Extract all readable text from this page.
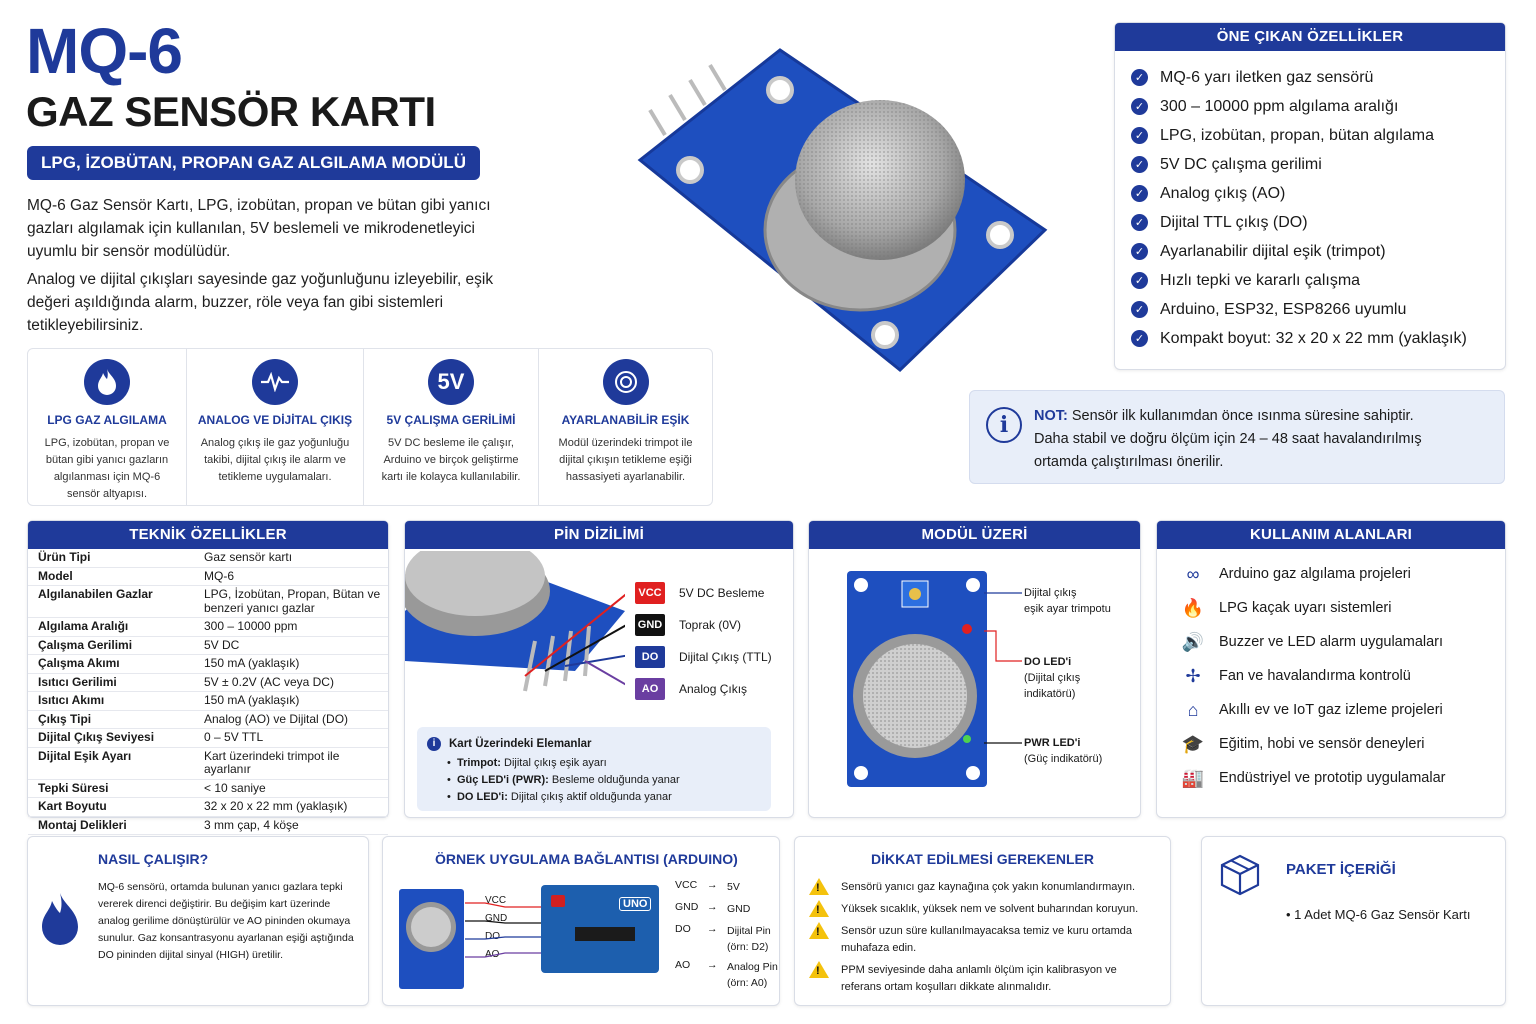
MQ-6
GAZ SENSÖR KARTI
LPG, İZOBÜTAN, PROPAN GAZ ALGILAMA MODÜLÜ
MQ-6 Gaz Sensör Kartı, LPG, izobütan, propan ve bütan gibi yanıcı gazları algılamak için kullanılan, 5V beslemeli ve mikrodenetleyici uyumlu bir sensör modülüdür.
Analog ve dijital çıkışları sayesinde gaz yoğunluğunu izleyebilir, eşik değeri aşıldığında alarm, buzzer, röle veya fan gibi sistemleri tetikleyebilirsiniz.
LPG GAZ ALGILAMA
LPG, izobütan, propan ve bütan gibi yanıcı gazların algılanması için MQ-6 sensör altyapısı.
ANALOG VE DİJİTAL ÇIKIŞ
Analog çıkış ile gaz yoğunluğu takibi, dijital çıkış ile alarm ve tetikleme uygulamaları.
5V
5V ÇALIŞMA GERİLİMİ
5V DC besleme ile çalışır, Arduino ve birçok geliştirme kartı ile kolayca kullanılabilir.
AYARLANABİLİR EŞİK
Modül üzerindeki trimpot ile dijital çıkışın tetikleme eşiği hassasiyeti ayarlanabilir.
ÖNE ÇIKAN ÖZELLİKLER
✓ MQ-6 yarı iletken gaz sensörü
✓ 300 – 10000 ppm algılama aralığı
✓ LPG, izobütan, propan, bütan algılama
✓ 5V DC çalışma gerilimi
✓ Analog çıkış (AO)
✓ Dijital TTL çıkış (DO)
✓ Ayarlanabilir dijital eşik (trimpot)
✓ Hızlı tepki ve kararlı çalışma
✓ Arduino, ESP32, ESP8266 uyumlu
✓ Kompakt boyut: 32 x 20 x 22 mm (yaklaşık)
i	NOT: Sensör ilk kullanımdan önce ısınma süresine sahiptir.
Daha stabil ve doğru ölçüm için 24 – 48 saat havalandırılmış
ortamda çalıştırılması önerilir.
TEKNİK ÖZELLİKLER
Ürün Tipi	Gaz sensör kartı
Model	MQ-6
Algılanabilen Gazlar	LPG, İzobütan, Propan, Bütan ve benzeri yanıcı gazlar
Algılama Aralığı	300 – 10000 ppm
Çalışma Gerilimi	5V DC
Çalışma Akımı	150 mA (yaklaşık)
Isıtıcı Gerilimi	5V ± 0.2V (AC veya DC)
Isıtıcı Akımı	150 mA (yaklaşık)
Çıkış Tipi	Analog (AO) ve Dijital (DO)
Dijital Çıkış Seviyesi	0 – 5V TTL
Dijital Eşik Ayarı	Kart üzerindeki trimpot ile ayarlanır
Tepki Süresi	< 10 saniye
Kart Boyutu	32 x 20 x 22 mm (yaklaşık)
Montaj Delikleri	3 mm çap, 4 köşe
PİN DİZİLİMİ
VCC 5V DC Besleme
GND Toprak (0V)
DO	Dijital Çıkış (TTL)
AO	Analog Çıkış
i	Kart Üzerindeki Elemanlar
•  Trimpot: Dijital çıkış eşik ayarı
•  Güç LED'i (PWR): Besleme olduğunda yanar
•  DO LED'i: Dijital çıkış aktif olduğunda yanar
MODÜL ÜZERİ
Dijital çıkış
eşik ayar trimpotu
DO LED'i
(Dijital çıkış
indikatörü)
PWR LED'i
(Güç indikatörü)
KULLANIM ALANLARI
∞	Arduino gaz algılama projeleri
🔥 LPG kaçak uyarı sistemleri
🔊 Buzzer ve LED alarm uygulamaları
✢	Fan ve havalandırma kontrolü
⌂	Akıllı ev ve IoT gaz izleme projeleri
🎓 Eğitim, hobi ve sensör deneyleri
🏭 Endüstriyel ve prototip uygulamalar
NASIL ÇALIŞIR?
MQ-6 sensörü, ortamda bulunan yanıcı gazlara tepki vererek direnci değiştirir. Bu değişim kart üzerinde analog gerilime dönüştürülür ve AO pininden okumaya sunulur. Gaz konsantrasyonu ayarlanan eşiği aştığında DO pininden dijital sinyal (HIGH) üretilir.
ÖRNEK UYGULAMA BAĞLANTISI (ARDUINO)
VCC
GND
DO
AO
UNO
VCC → 5V

GND → GND

DO	→ Dijital Pin
(örn: D2)
AO	→ Analog Pin
(örn: A0)
DİKKAT EDİLMESİ GEREKENLER
! Sensörü yanıcı gaz kaynağına çok yakın konumlandırmayın.
! Yüksek sıcaklık, yüksek nem ve solvent buharından koruyun.
! Sensör uzun süre kullanılmayacaksa temiz ve kuru ortamda muhafaza edin.
! PPM seviyesinde daha anlamlı ölçüm için kalibrasyon ve referans ortam koşulları dikkate alınmalıdır.
PAKET İÇERİĞİ
• 1 Adet MQ-6 Gaz Sensör Kartı
